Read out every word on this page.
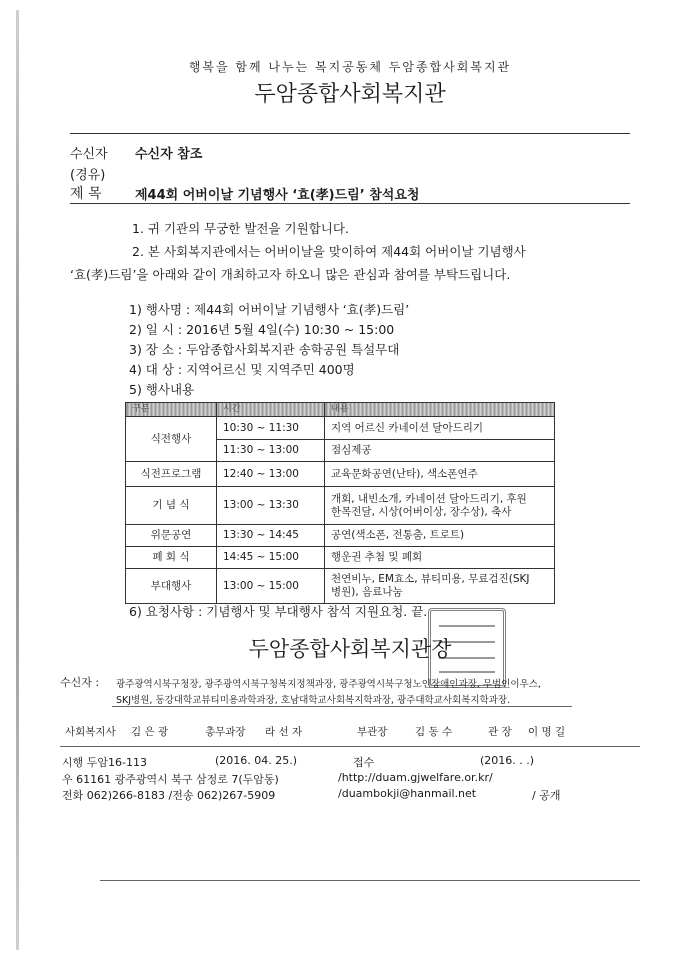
행복을 함께 나누는 복지공동체 두암종합사회복지관
두암종합사회복지관
수신자 수신자 참조
(경유)
제 목	제44회 어버이날 기념행사 ‘효(孝)드림’ 참석요청
1. 귀 기관의 무궁한 발전을 기원합니다.
2. 본 사회복지관에서는 어버이날을 맞이하여 제44회 어버이날 기념행사
‘효(孝)드림’을 아래와 같이 개최하고자 하오니 많은 관심과 참여를 부탁드립니다.
1) 행사명 : 제44회 어버이날 기념행사 ‘효(孝)드림’
2) 일 시 : 2016년 5월 4일(수) 10:30 ~ 15:00
3) 장 소 : 두암종합사회복지관 송학공원 특설무대
4) 대 상 : 지역어르신 및 지역주민 400명
5) 행사내용
구분	시간	내용
식전행사	10:30 ~ 11:30	지역 어르신 카네이션 달아드리기
	11:30 ~ 13:00	점심제공
식전프로그램	12:40 ~ 13:00	교육문화공연(난타), 색소폰연주
기 념 식	13:00 ~ 13:30	개회, 내빈소개, 카네이션 달아드리기, 후원
한목전달, 시상(어버이상, 장수상), 축사

위문공연	13:30 ~ 14:45	공연(색소폰, 전통춤, 트로트)
폐 회 식	14:45 ~ 15:00	행운권 추첨 및 폐회
부대행사	13:00 ~ 15:00	천연비누, EM효소, 뷰티미용, 무료검진(SKJ
병원), 음료나눔
6) 요청사항 : 기념행사 및 부대행사 참석 지원요청. 끝.
두암종합사회복지관장
수신자 : 광주광역시북구청장, 광주광역시북구청복지정책과장, 광주광역시북구청노인장애인과장, 무범인이우스,
SKJ병원, 동강대학교뷰티미용과학과장, 호남대학교사회복지학과장, 광주대학교사회복지학과장.
사회복지사 김 은 광	총무과장 라 선 자	부관장	김 동 수	관 장 이 명 길
시행 두암16-113	(2016. 04. 25.)	접수	(2016. . .)
우 61161 광주광역시 북구 삼정로 7(두암동)	/http://duam.gjwelfare.or.kr/
전화 062)266-8183 /전송 062)267-5909	/duambokji@hanmail.net	/ 공개
